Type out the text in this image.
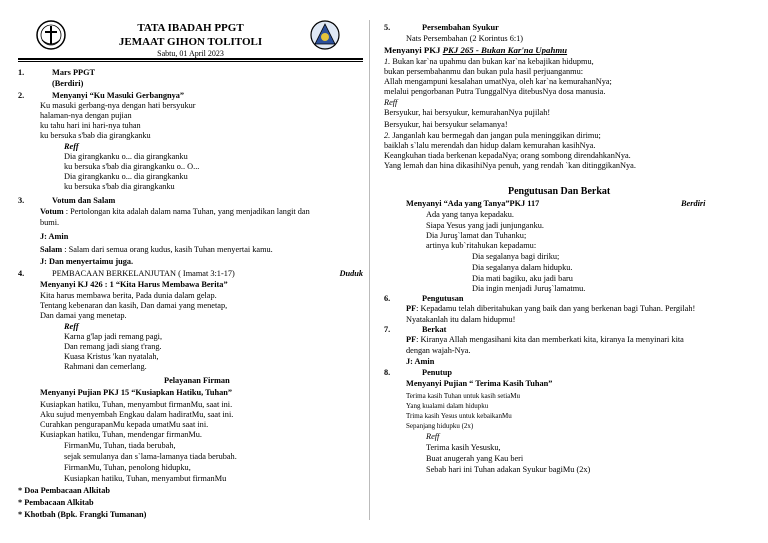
TATA IBADAH PPGT
JEMAAT GIHON TOLITOLI
Sabtu, 01 April 2023
1.	Mars PPGT
(Berdiri)
2.	Menyanyi “Ku Masuki Gerbangnya”
Ku masuki gerbang-nya dengan hati bersyukur
halaman-nya dengan pujian
ku tahu hari ini hari-nya tuhan
ku bersuka s'bab dia girangkanku
Reff
Dia girangkanku o... dia girangkanku
ku bersuka s'bab dia girangkanku o.. O...
Dia girangkanku o... dia girangkanku
ku bersuka s'bab dia girangkanku
3.	Votum dan Salam
Votum : Pertolongan kita adalah dalam nama Tuhan, yang menjadikan langit dan
bumi.
J: Amin
Salam : Salam dari semua orang kudus, kasih Tuhan menyertai kamu.
J: Dan menyertaimu juga.
4.	PEMBACAAN BERKELANJUTAN ( Imamat 3:1-17)	Duduk
Menyanyi KJ 426 : 1 “Kita Harus Membawa Berita”
Kita harus membawa berita, Pada dunia dalam gelap.
Tentang kebenaran dan kasih, Dan damai yang menetap,
Dan damai yang menetap.
Reff
Karna g'lap jadi remang pagi,
Dan remang jadi siang t'rang.
Kuasa Kristus 'kan nyatalah,
Rahmani dan cemerlang.
Pelayanan Firman
Menyanyi Pujian PKJ 15 “Kusiapkan Hatiku, Tuhan”
Kusiapkan hatiku, Tuhan, menyambut firmanMu, saat ini.
Aku sujud menyembah Engkau dalam hadiratMu, saat ini.
Curahkan pengurapanMu kepada umatMu saat ini.
Kusiapkan hatiku, Tuhan, mendengar firmanMu.
FirmanMu, Tuhan, tiada berubah,
sejak semulanya dan s`lama-lamanya tiada berubah.
FirmanMu, Tuhan, penolong hidupku,
Kusiapkan hatiku, Tuhan, menyambut firmanMu
* Doa Pembacaan Alkitab
* Pembacaan Alkitab
* Khotbah (Bpk. Frangki Tumanan)
5.	Persembahan Syukur
Nats Persembahan (2 Korintus 6:1)
Menyanyi PKJ PKJ 265 - Bukan Kar'na Upahmu
1. Bukan kar`na upahmu dan bukan kar`na kebajikan hidupmu,
bukan persembahanmu dan bukan pula hasil perjuanganmu:
Allah mengampuni kesalahan umatNya, oleh kar`na kemurahanNya;
melalui pengorbanan Putra TunggalNya ditebusNya dosa manusia.
Reff
Bersyukur, hai bersyukur, kemurahanNya pujilah!
Bersyukur, hai bersyukur selamanya!
2. Janganlah kau bermegah dan jangan pula meninggikan dirimu;
baiklah s`lalu merendah dan hidup dalam kemurahan kasihNya.
Keangkuhan tiada berkenan kepadaNya; orang sombong direndahkanNya.
Yang lemah dan hina dikasihiNya penuh, yang rendah `kan ditinggikanNya.
Pengutusan Dan Berkat
Menyanyi “Ada yang Tanya”PKJ 117	Berdiri
Ada yang tanya kepadaku.
Siapa Yesus yang jadi junjunganku.
Dia Juruş`lamat dan Tuhanku;
artinya kub`ritahukan kepadamu:
Dia segalanya bagi diriku;
Dia segalanya dalam hidupku.
Dia mati bagiku, aku jadi baru
Dia ingin menjadi Juruş`lamatmu.
6.	Pengutusan
PF: Kepadamu telah diberitahukan yang baik dan yang berkenan bagi Tuhan. Pergilah!
Nyatakanlah itu dalam hidupmu!
7.	Berkat
PF: Kiranya Allah mengasihani kita dan memberkati kita, kiranya Ia menyinari kita
dengan wajah-Nya.
J: Amin
8.	Penutup
Menyanyi Pujian “ Terima Kasih Tuhan”
Terima kasih Tuhan untuk kasih setiaMu
Yang kualami dalam hidupku
Trima kasih Yesus untuk kebaikanMu
Sepanjang hidupku (2x)
Reff
Terima kasih Yesusku,
Buat anugerah yang Kau beri
Sebab hari ini Tuhan adakan Syukur bagiMu (2x)
